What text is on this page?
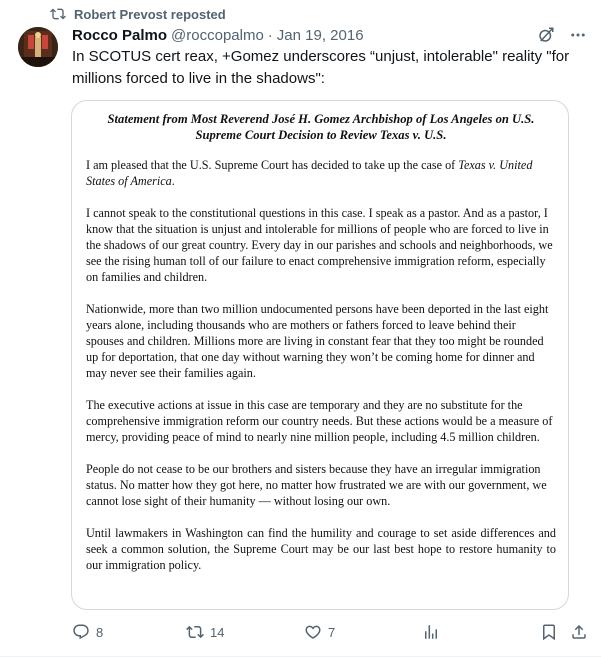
Robert Prevost reposted
Rocco Palmo @roccopalmo · Jan 19, 2016
In SCOTUS cert reax, +Gomez underscores “unjust, intolerable" reality "for millions forced to live in the shadows":
Statement from Most Reverend José H. Gomez Archbishop of Los Angeles on U.S. Supreme Court Decision to Review Texas v. U.S.

I am pleased that the U.S. Supreme Court has decided to take up the case of Texas v. United States of America.

I cannot speak to the constitutional questions in this case. I speak as a pastor. And as a pastor, I know that the situation is unjust and intolerable for millions of people who are forced to live in the shadows of our great country. Every day in our parishes and schools and neighborhoods, we see the rising human toll of our failure to enact comprehensive immigration reform, especially on families and children.

Nationwide, more than two million undocumented persons have been deported in the last eight years alone, including thousands who are mothers or fathers forced to leave behind their spouses and children. Millions more are living in constant fear that they too might be rounded up for deportation, that one day without warning they won’t be coming home for dinner and may never see their families again.

The executive actions at issue in this case are temporary and they are no substitute for the comprehensive immigration reform our country needs. But these actions would be a measure of mercy, providing peace of mind to nearly nine million people, including 4.5 million children.

People do not cease to be our brothers and sisters because they have an irregular immigration status. No matter how they got here, no matter how frustrated we are with our government, we cannot lose sight of their humanity — without losing our own.

Until lawmakers in Washington can find the humility and courage to set aside differences and seek a common solution, the Supreme Court may be our last best hope to restore humanity to our immigration policy.

8	14	7
